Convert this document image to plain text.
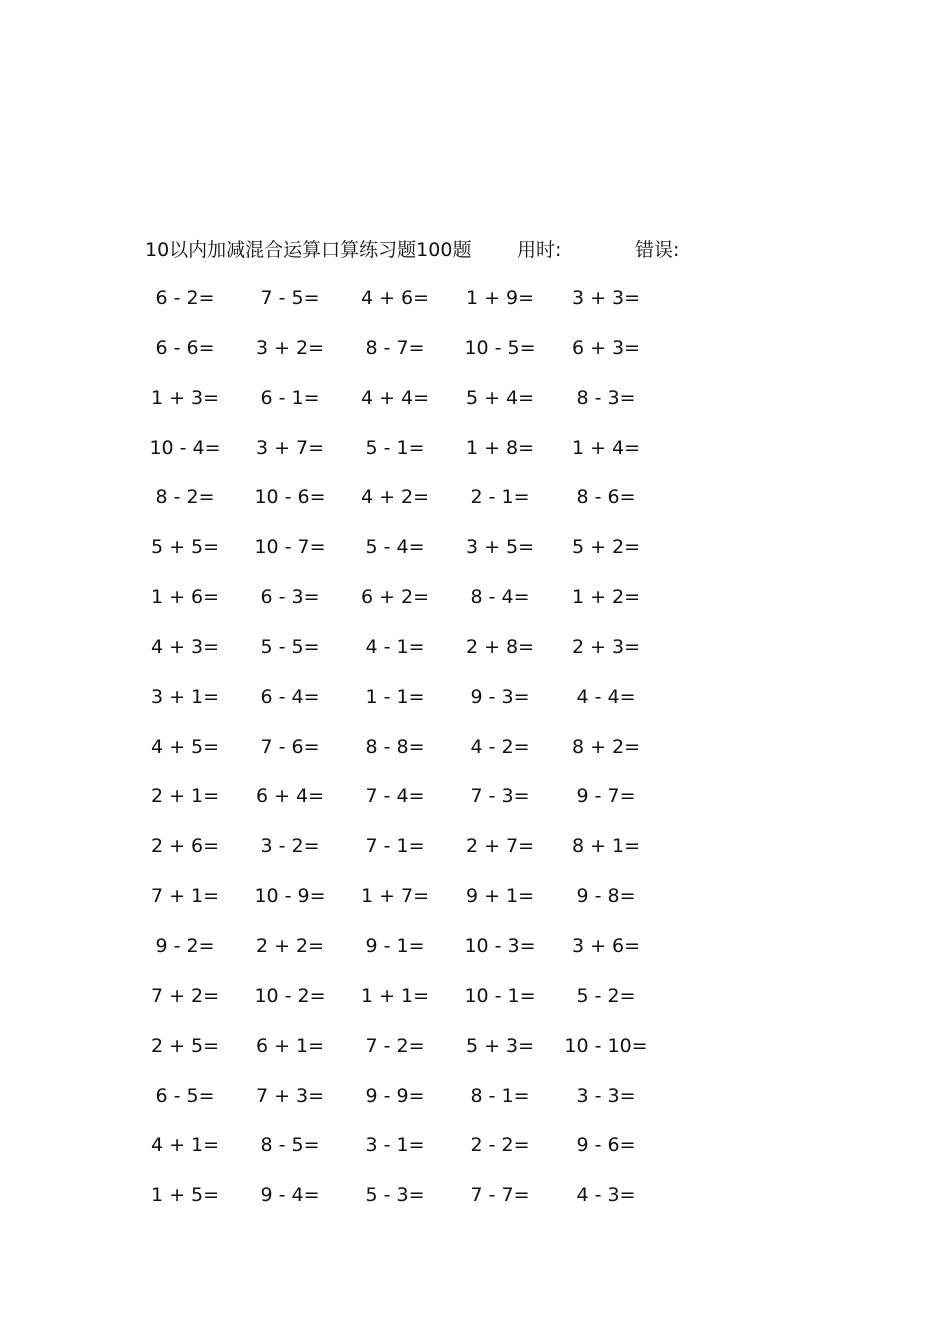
10以内加减混合运算口算练习题100题 用时:	错误:
6 - 2=	7 - 5=	4 + 6=	1 + 9=	3 + 3=
6 - 6=	3 + 2=	8 - 7=	10 - 5=	6 + 3=
1 + 3=	6 - 1=	4 + 4=	5 + 4=	8 - 3=
10 - 4=	3 + 7=	5 - 1=	1 + 8=	1 + 4=
8 - 2=	10 - 6=	4 + 2=	2 - 1=	8 - 6=
5 + 5=	10 - 7=	5 - 4=	3 + 5=	5 + 2=
1 + 6=	6 - 3=	6 + 2=	8 - 4=	1 + 2=
4 + 3=	5 - 5=	4 - 1=	2 + 8=	2 + 3=
3 + 1=	6 - 4=	1 - 1=	9 - 3=	4 - 4=
4 + 5=	7 - 6=	8 - 8=	4 - 2=	8 + 2=
2 + 1=	6 + 4=	7 - 4=	7 - 3=	9 - 7=
2 + 6=	3 - 2=	7 - 1=	2 + 7=	8 + 1=
7 + 1=	10 - 9=	1 + 7=	9 + 1=	9 - 8=
9 - 2=	2 + 2=	9 - 1=	10 - 3=	3 + 6=
7 + 2=	10 - 2=	1 + 1=	10 - 1=	5 - 2=
2 + 5=	6 + 1=	7 - 2=	5 + 3=	10 - 10=
6 - 5=	7 + 3=	9 - 9=	8 - 1=	3 - 3=
4 + 1=	8 - 5=	3 - 1=	2 - 2=	9 - 6=
1 + 5=	9 - 4=	5 - 3=	7 - 7=	4 - 3=
